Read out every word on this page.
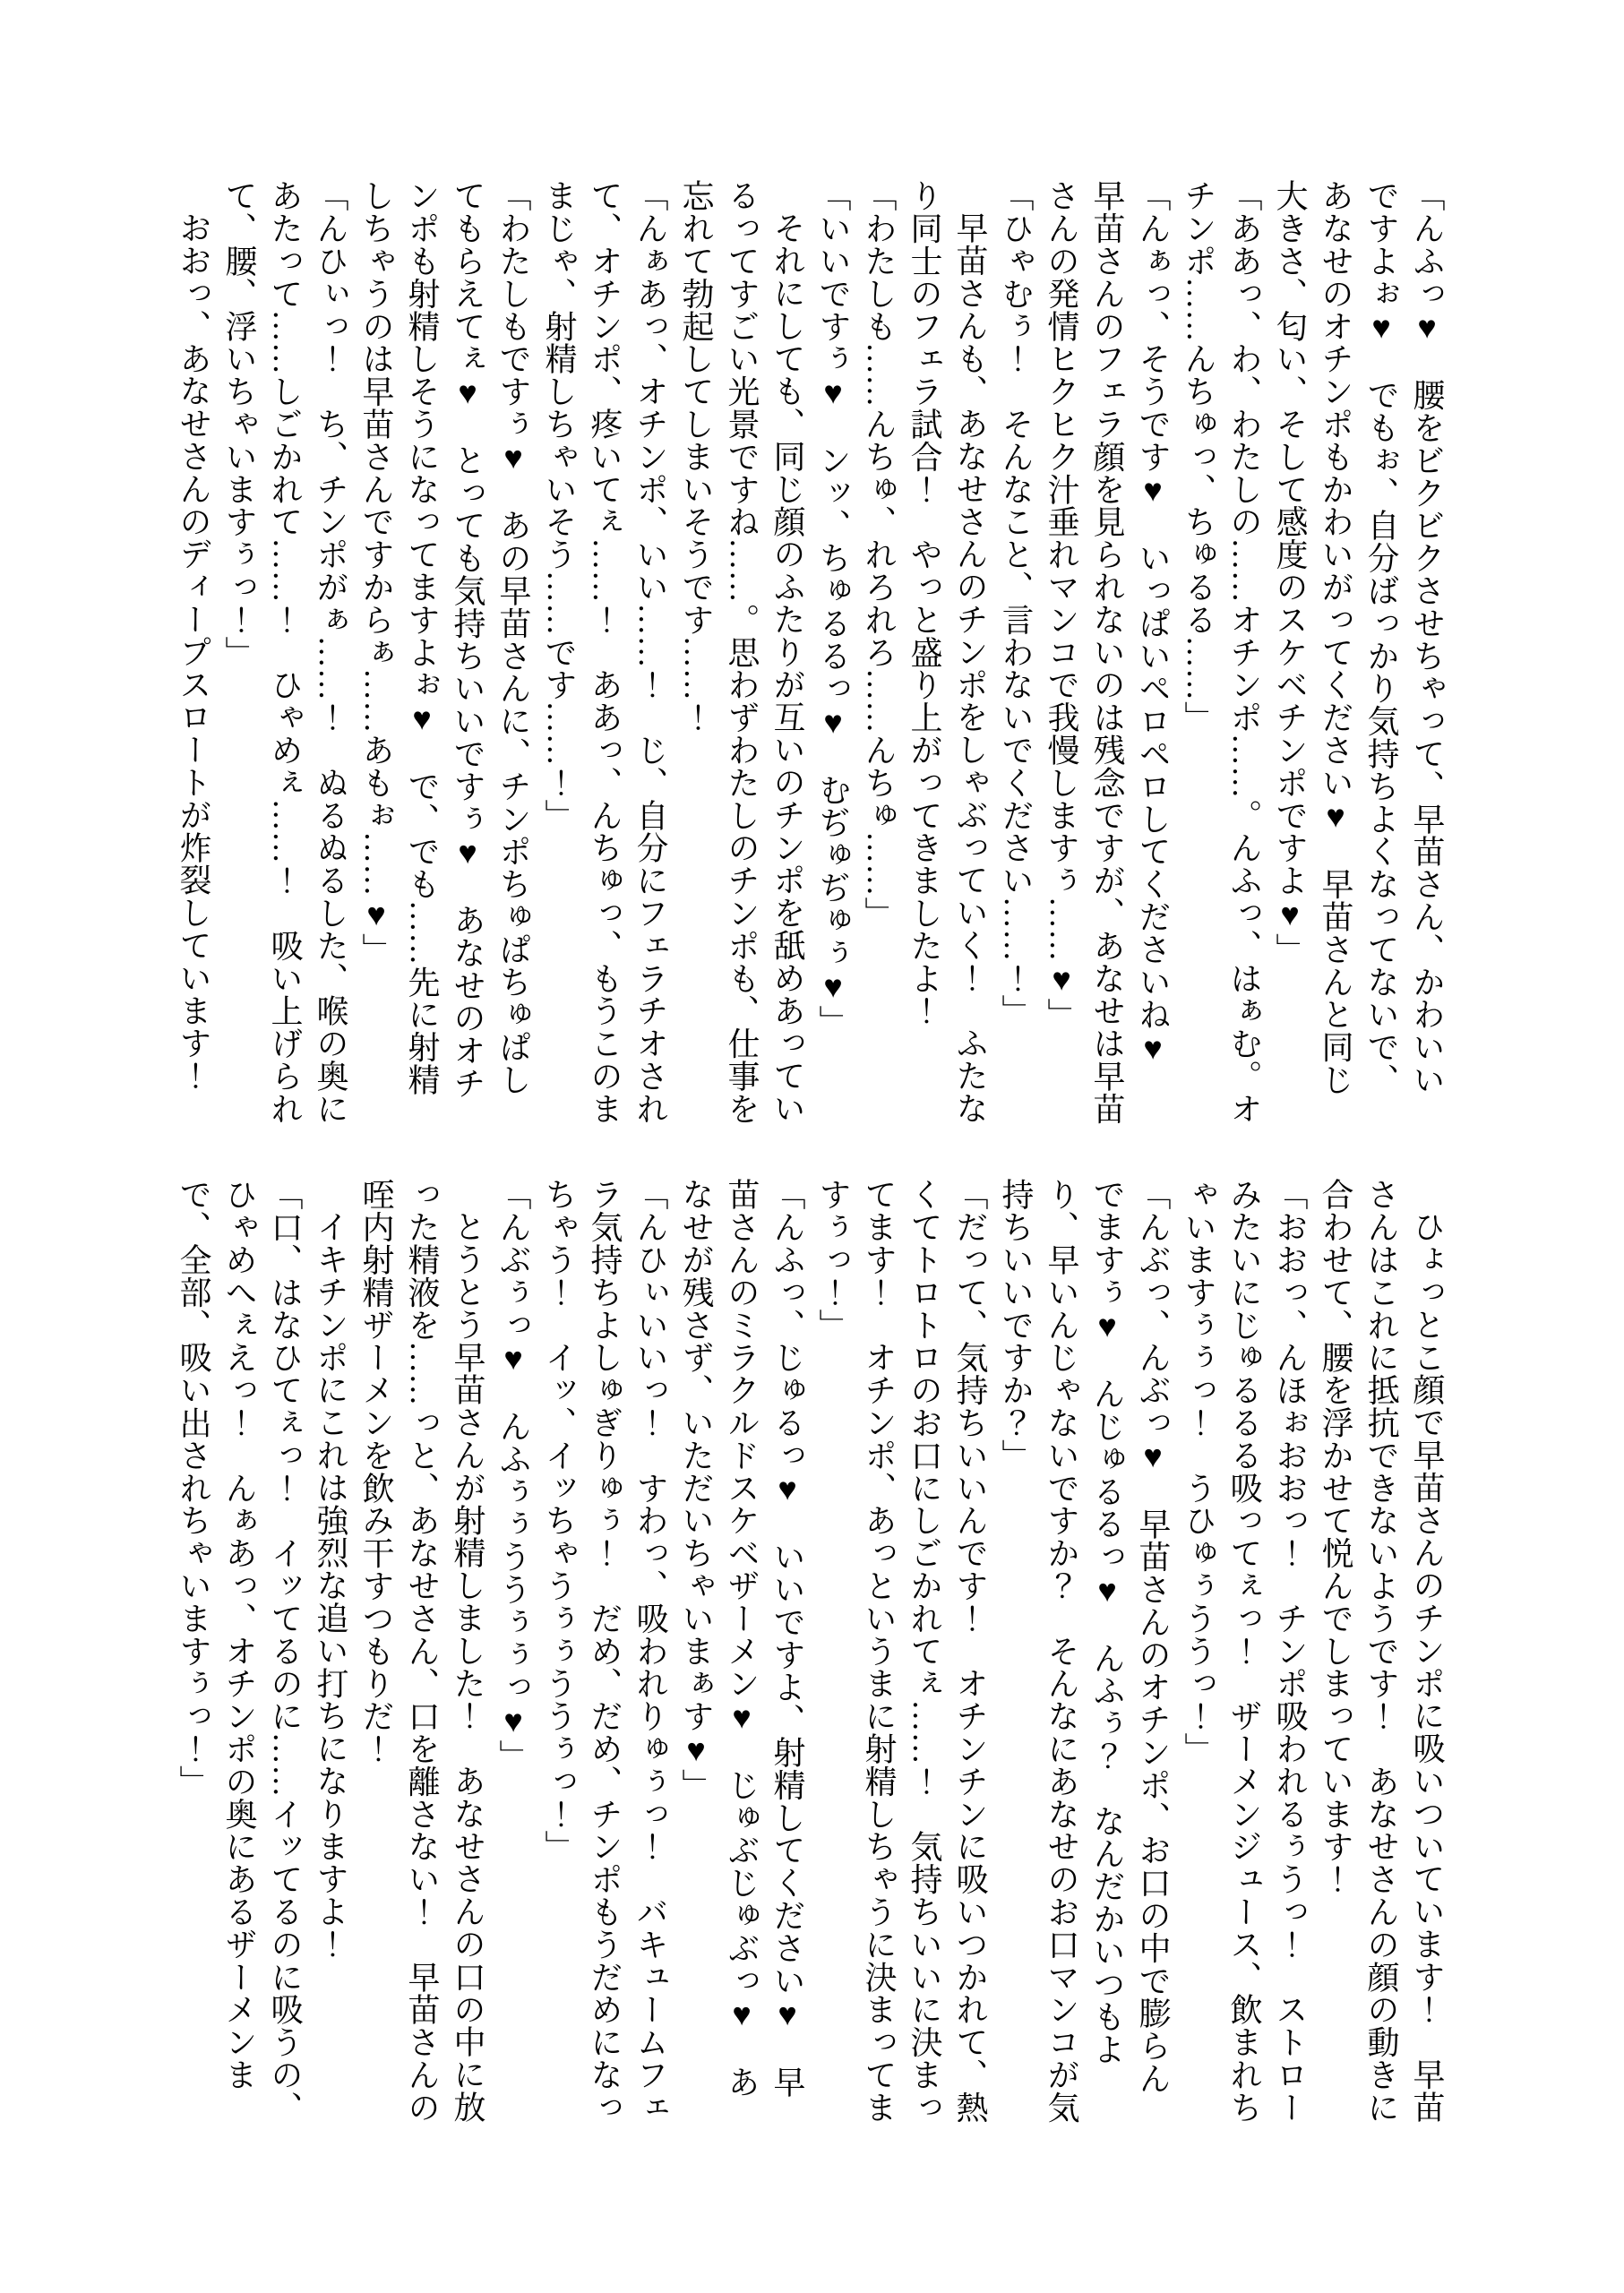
「んふっ♥　腰をビクビクさせちゃって、早苗さん、かわいいですよぉ♥　でもぉ、自分ばっかり気持ちよくなってないで、あなせのオチンポもかわいがってください♥　早苗さんと同じ大きさ、匂い、そして感度のスケベチンポですよ♥」

「ああっ、わ、わたしの……オチンポ……。んふっ、はぁむ。オチンポ……んちゅっ、ちゅるる……」

「んぁっ、そうです♥　いっぱいペロペロしてくださいね♥　早苗さんのフェラ顔を見られないのは残念ですが、あなせは早苗さんの発情ヒクヒク汁垂れマンコで我慢しますぅ……♥」

「ひゃむぅ！　そんなこと、言わないでください……！」

早苗さんも、あなせさんのチンポをしゃぶっていく！　ふたなり同士のフェラ試合！　やっと盛り上がってきましたよ！

「わたしも……んちゅ、れろれろ……んちゅ……」

「いいですぅ♥　ンッ、ちゅるるっ♥　むぢゅぢゅぅ♥」

それにしても、同じ顔のふたりが互いのチンポを舐めあっているってすごい光景ですね……。思わずわたしのチンポも、仕事を忘れて勃起してしまいそうです……！

「んぁあっ、オチンポ、いい……！　じ、自分にフェラチオされて、オチンポ、疼いてぇ……！　ああっ、んちゅっ、もうこのままじゃ、射精しちゃいそう……です……！」

「わたしもですぅ♥　あの早苗さんに、チンポちゅぱちゅぱしてもらえてぇ♥　とっても気持ちいいですぅ♥　あなせのオチンポも射精しそうになってますよぉ♥　で、でも……先に射精しちゃうのは早苗さんですからぁ……あもぉ……♥」

「んひぃっ！　ち、チンポがぁ……！　ぬるぬるした、喉の奥にあたって……しごかれて……！　ひゃめぇ……！　吸い上げられて、腰、浮いちゃいますぅっ！」

おおっ、あなせさんのディープスロートが炸裂しています！

ひょっとこ顔で早苗さんのチンポに吸いついています！　早苗さんはこれに抵抗できないようです！　あなせさんの顔の動きに合わせて、腰を浮かせて悦んでしまっています！

「おおっ、んほぉおおっ！　チンポ吸われるぅうっ！　ストローみたいにじゅるるる吸ってぇっ！　ザーメンジュース、飲まれちゃいますぅぅっ！　うひゅぅううっ！」

「んぶっ、んぶっ♥　早苗さんのオチンポ、お口の中で膨らんでますぅ♥　んじゅるるっ♥　んふぅ？　なんだかいつもより、早いんじゃないですか？　そんなにあなせのお口マンコが気持ちいいですか？」

「だって、気持ちいいんです！　オチンチンに吸いつかれて、熱くてトロトロのお口にしごかれてぇ……！　気持ちいいに決まってます！　オチンポ、あっというまに射精しちゃうに決まってますぅっ！」

「んふっ、じゅるっ♥　いいですよ、射精してください♥　早苗さんのミラクルドスケベザーメン♥　じゅぶじゅぶっ♥　あなせが残さず、いただいちゃいまぁす♥」

「んひぃいいっ！　すわっ、吸われりゅぅっ！　バキュームフェラ気持ちよしゅぎりゅぅ！　だめ、だめ、チンポもうだめになっちゃう！　イッ、イッちゃうぅぅううぅっ！」

「んぶぅっ♥　んふぅぅううぅぅっ♥」

とうとう早苗さんが射精しました！　あなせさんの口の中に放った精液を……っと、あなせさん、口を離さない！　早苗さんの咥内射精ザーメンを飲み干すつもりだ！

イキチンポにこれは強烈な追い打ちになりますよ！

「口、はなひてぇっ！　イッてるのに……イッてるのに吸うの、ひゃめへぇえっ！　んぁあっ、オチンポの奥にあるザーメンまで、全部、吸い出されちゃいますぅっ！」
